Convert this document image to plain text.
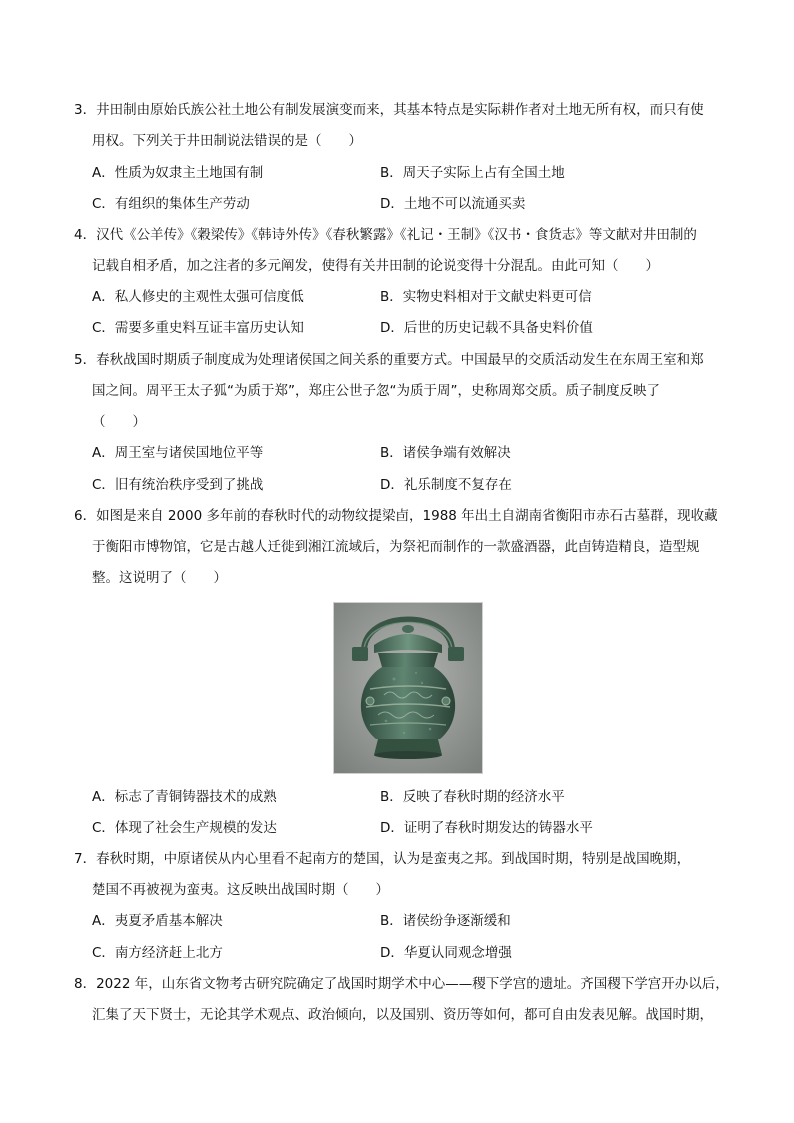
3．井田制由原始氏族公社土地公有制发展演变而来，其基本特点是实际耕作者对土地无所有权，而只有使
用权。下列关于井田制说法错误的是（　　）
A．性质为奴隶主土地国有制	B．周天子实际上占有全国土地
C．有组织的集体生产劳动	D．土地不可以流通买卖
4．汉代《公羊传》《穀梁传》《韩诗外传》《春秋繁露》《礼记・王制》《汉书・食货志》等文献对井田制的
记载自相矛盾，加之注者的多元阐发，使得有关井田制的论说变得十分混乱。由此可知（　　）
A．私人修史的主观性太强可信度低	B．实物史料相对于文献史料更可信
C．需要多重史料互证丰富历史认知	D．后世的历史记载不具备史料价值
5．春秋战国时期质子制度成为处理诸侯国之间关系的重要方式。中国最早的交质活动发生在东周王室和郑
国之间。周平王太子狐“为质于郑”，郑庄公世子忽“为质于周”，史称周郑交质。质子制度反映了
（　　）
A．周王室与诸侯国地位平等	B．诸侯争端有效解决
C．旧有统治秩序受到了挑战	D．礼乐制度不复存在
6．如图是来自 2000 多年前的春秋时代的动物纹提梁卣，1988 年出土自湖南省衡阳市赤石古墓群，现收藏
于衡阳市博物馆，它是古越人迁徙到湘江流域后，为祭祀而制作的一款盛酒器，此卣铸造精良，造型规
整。这说明了（　　）
A．标志了青铜铸器技术的成熟	B．反映了春秋时期的经济水平
C．体现了社会生产规模的发达	D．证明了春秋时期发达的铸器水平
7．春秋时期，中原诸侯从内心里看不起南方的楚国，认为是蛮夷之邦。到战国时期，特别是战国晚期，
楚国不再被视为蛮夷。这反映出战国时期（　　）
A．夷夏矛盾基本解决	B．诸侯纷争逐渐缓和
C．南方经济赶上北方	D．华夏认同观念增强
8．2022 年，山东省文物考古研究院确定了战国时期学术中心——稷下学宫的遗址。齐国稷下学宫开办以后，
汇集了天下贤士，无论其学术观点、政治倾向，以及国别、资历等如何，都可自由发表见解。战国时期，
